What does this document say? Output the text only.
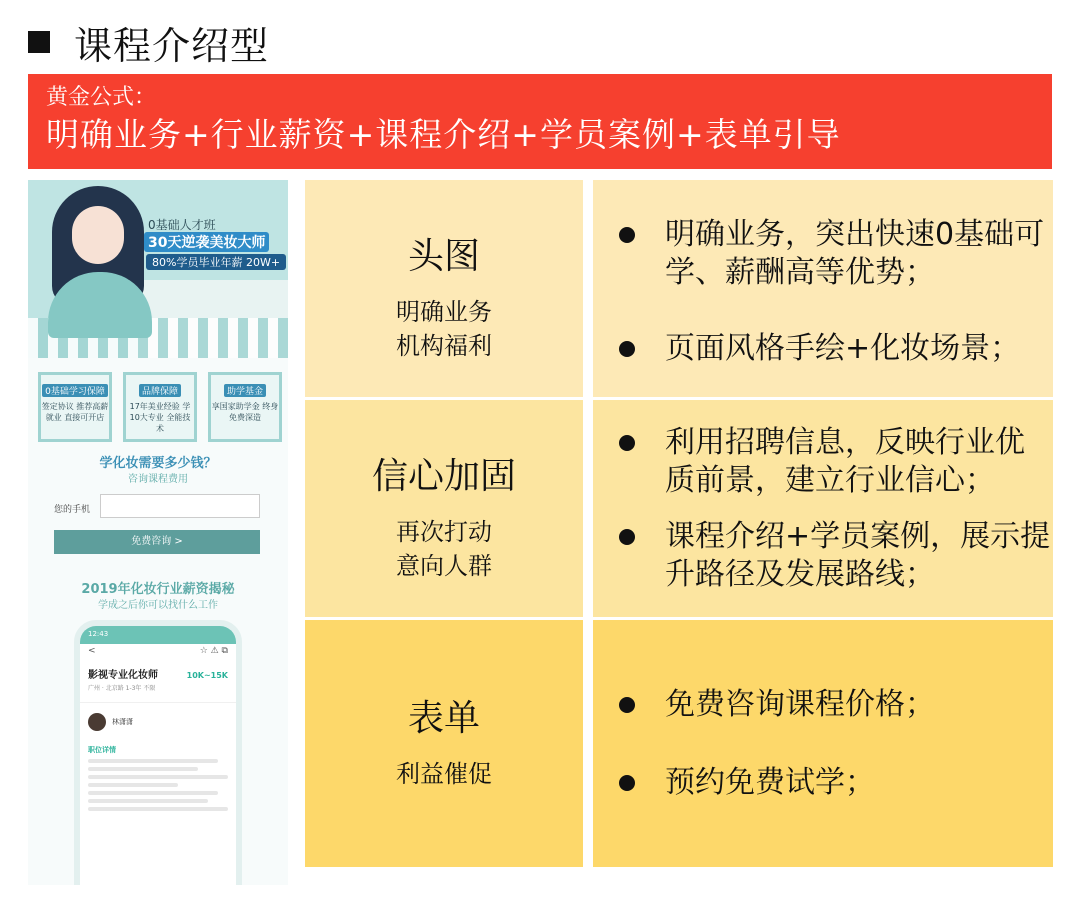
课程介绍型
黄金公式：
明确业务+行业薪资+课程介绍+学员案例+表单引导
0基础人才班
30天逆袭美妆大师
80%学员毕业年薪 20W+
0基础学习保障
签定协议 推荐高薪就业 直接可开店
品牌保障
17年美业经验 学10大专业 全能技术
助学基金
享国家助学金 终身免费深造
学化妆需要多少钱？
咨询课程费用
您的手机
免费咨询 >
2019年化妆行业薪资揭秘
学成之后你可以找什么工作
12:43
<	☆ ⚠ ⧉
影视专业化妆师	10K~15K
广州 · 北京路 1-3年 不限
林潇潇
职位详情
头图
明确业务
机构福利
明确业务，突出快速0基础可学、薪酬高等优势；
页面风格手绘+化妆场景；
信心加固
再次打动
意向人群
利用招聘信息，反映行业优质前景，建立行业信心；
课程介绍+学员案例，展示提升路径及发展路线；
表单
利益催促
免费咨询课程价格；
预约免费试学；
